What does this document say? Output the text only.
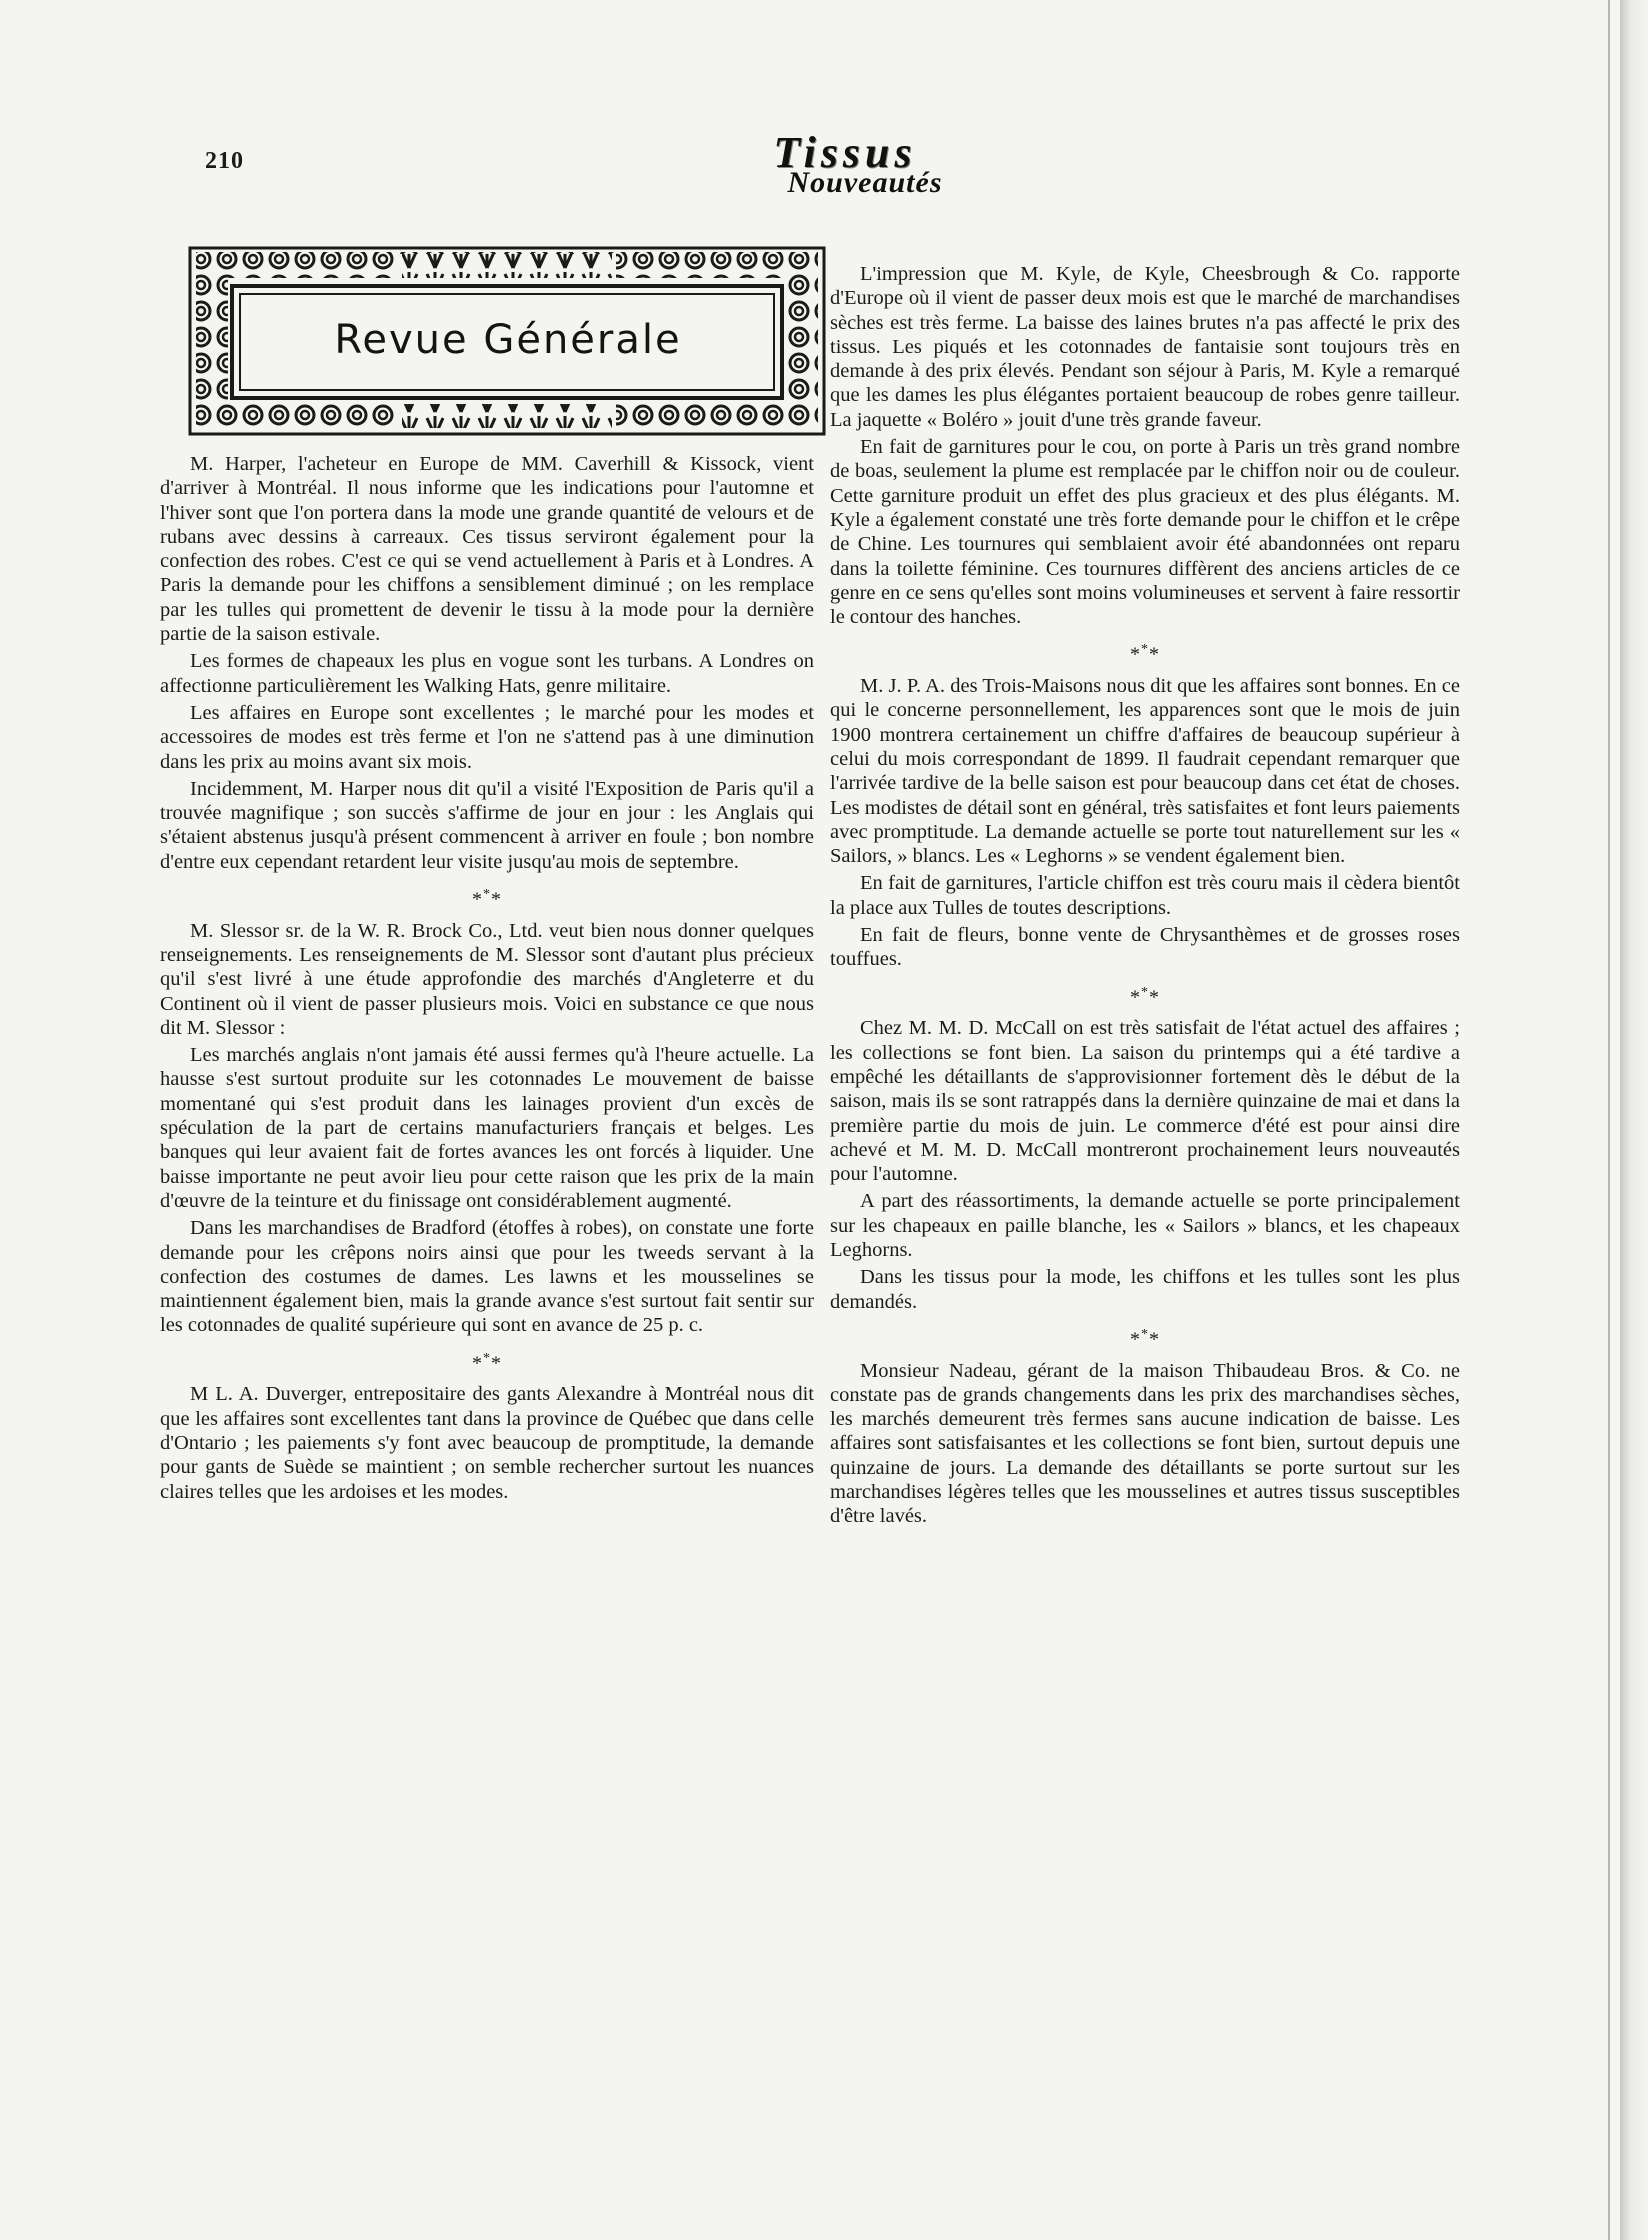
210	Tissus
Nouveautés
Revue Générale

M. Harper, l'acheteur en Europe de MM. Caverhill & Kissock, vient d'arriver à Montréal. Il nous informe que les indications pour l'automne et l'hiver sont que l'on portera dans la mode une grande quantité de velours et de rubans avec dessins à carreaux. Ces tissus serviront également pour la confection des robes. C'est ce qui se vend actuellement à Paris et à Londres. A Paris la demande pour les chiffons a sensiblement diminué ; on les remplace par les tulles qui promettent de devenir le tissu à la mode pour la dernière partie de la saison estivale.

Les formes de chapeaux les plus en vogue sont les turbans. A Londres on affectionne particulièrement les Walking Hats, genre militaire.

Les affaires en Europe sont excellentes ; le marché pour les modes et accessoires de modes est très ferme et l'on ne s'attend pas à une diminution dans les prix au moins avant six mois.

Incidemment, M. Harper nous dit qu'il a visité l'Exposition de Paris qu'il a trouvée magnifique ; son succès s'affirme de jour en jour : les Anglais qui s'étaient abstenus jusqu'à présent commencent à arriver en foule ; bon nombre d'entre eux cependant retardent leur visite jusqu'au mois de septembre.

***

M. Slessor sr. de la W. R. Brock Co., Ltd. veut bien nous donner quelques renseignements. Les renseignements de M. Slessor sont d'autant plus précieux qu'il s'est livré à une étude approfondie des marchés d'Angleterre et du Continent où il vient de passer plusieurs mois. Voici en substance ce que nous dit M. Slessor :

Les marchés anglais n'ont jamais été aussi fermes qu'à l'heure actuelle. La hausse s'est surtout produite sur les cotonnades Le mouvement de baisse momentané qui s'est produit dans les lainages provient d'un excès de spéculation de la part de certains manufacturiers français et belges. Les banques qui leur avaient fait de fortes avances les ont forcés à liquider. Une baisse importante ne peut avoir lieu pour cette raison que les prix de la main d'œuvre de la teinture et du finissage ont considérablement augmenté.

Dans les marchandises de Bradford (étoffes à robes), on constate une forte demande pour les crêpons noirs ainsi que pour les tweeds servant à la confection des costumes de dames. Les lawns et les mousselines se maintiennent également bien, mais la grande avance s'est surtout fait sentir sur les cotonnades de qualité supérieure qui sont en avance de 25 p. c.

***

M L. A. Duverger, entrepositaire des gants Alexandre à Montréal nous dit que les affaires sont excellentes tant dans la province de Québec que dans celle d'Ontario ; les paiements s'y font avec beaucoup de promptitude, la demande pour gants de Suède se maintient ; on semble rechercher surtout les nuances claires telles que les ardoises et les modes.

L'impression que M. Kyle, de Kyle, Cheesbrough & Co. rapporte d'Europe où il vient de passer deux mois est que le marché de marchandises sèches est très ferme. La baisse des laines brutes n'a pas affecté le prix des tissus. Les piqués et les cotonnades de fantaisie sont toujours très en demande à des prix élevés. Pendant son séjour à Paris, M. Kyle a remarqué que les dames les plus élégantes portaient beaucoup de robes genre tailleur. La jaquette « Boléro » jouit d'une très grande faveur.

En fait de garnitures pour le cou, on porte à Paris un très grand nombre de boas, seulement la plume est remplacée par le chiffon noir ou de couleur. Cette garniture produit un effet des plus gracieux et des plus élégants. M. Kyle a également constaté une très forte demande pour le chiffon et le crêpe de Chine. Les tournures qui semblaient avoir été abandonnées ont reparu dans la toilette féminine. Ces tournures diffèrent des anciens articles de ce genre en ce sens qu'elles sont moins volumineuses et servent à faire ressortir le contour des hanches.

***

M. J. P. A. des Trois-Maisons nous dit que les affaires sont bonnes. En ce qui le concerne personnellement, les apparences sont que le mois de juin 1900 montrera certainement un chiffre d'affaires de beaucoup supérieur à celui du mois correspondant de 1899. Il faudrait cependant remarquer que l'arrivée tardive de la belle saison est pour beaucoup dans cet état de choses. Les modistes de détail sont en général, très satisfaites et font leurs paiements avec promptitude. La demande actuelle se porte tout naturellement sur les « Sailors, » blancs. Les « Leghorns » se vendent également bien.

En fait de garnitures, l'article chiffon est très couru mais il cèdera bientôt la place aux Tulles de toutes descriptions.

En fait de fleurs, bonne vente de Chrysanthèmes et de grosses roses touffues.

***

Chez M. M. D. McCall on est très satisfait de l'état actuel des affaires ; les collections se font bien. La saison du printemps qui a été tardive a empêché les détaillants de s'approvisionner fortement dès le début de la saison, mais ils se sont ratrappés dans la dernière quinzaine de mai et dans la première partie du mois de juin. Le commerce d'été est pour ainsi dire achevé et M. M. D. McCall montreront prochainement leurs nouveautés pour l'automne.

A part des réassortiments, la demande actuelle se porte principalement sur les chapeaux en paille blanche, les « Sailors » blancs, et les chapeaux Leghorns.

Dans les tissus pour la mode, les chiffons et les tulles sont les plus demandés.

***

Monsieur Nadeau, gérant de la maison Thibaudeau Bros. & Co. ne constate pas de grands changements dans les prix des marchandises sèches, les marchés demeurent très fermes sans aucune indication de baisse. Les affaires sont satisfaisantes et les collections se font bien, surtout depuis une quinzaine de jours. La demande des détaillants se porte surtout sur les marchandises légères telles que les mousselines et autres tissus susceptibles d'être lavés.
